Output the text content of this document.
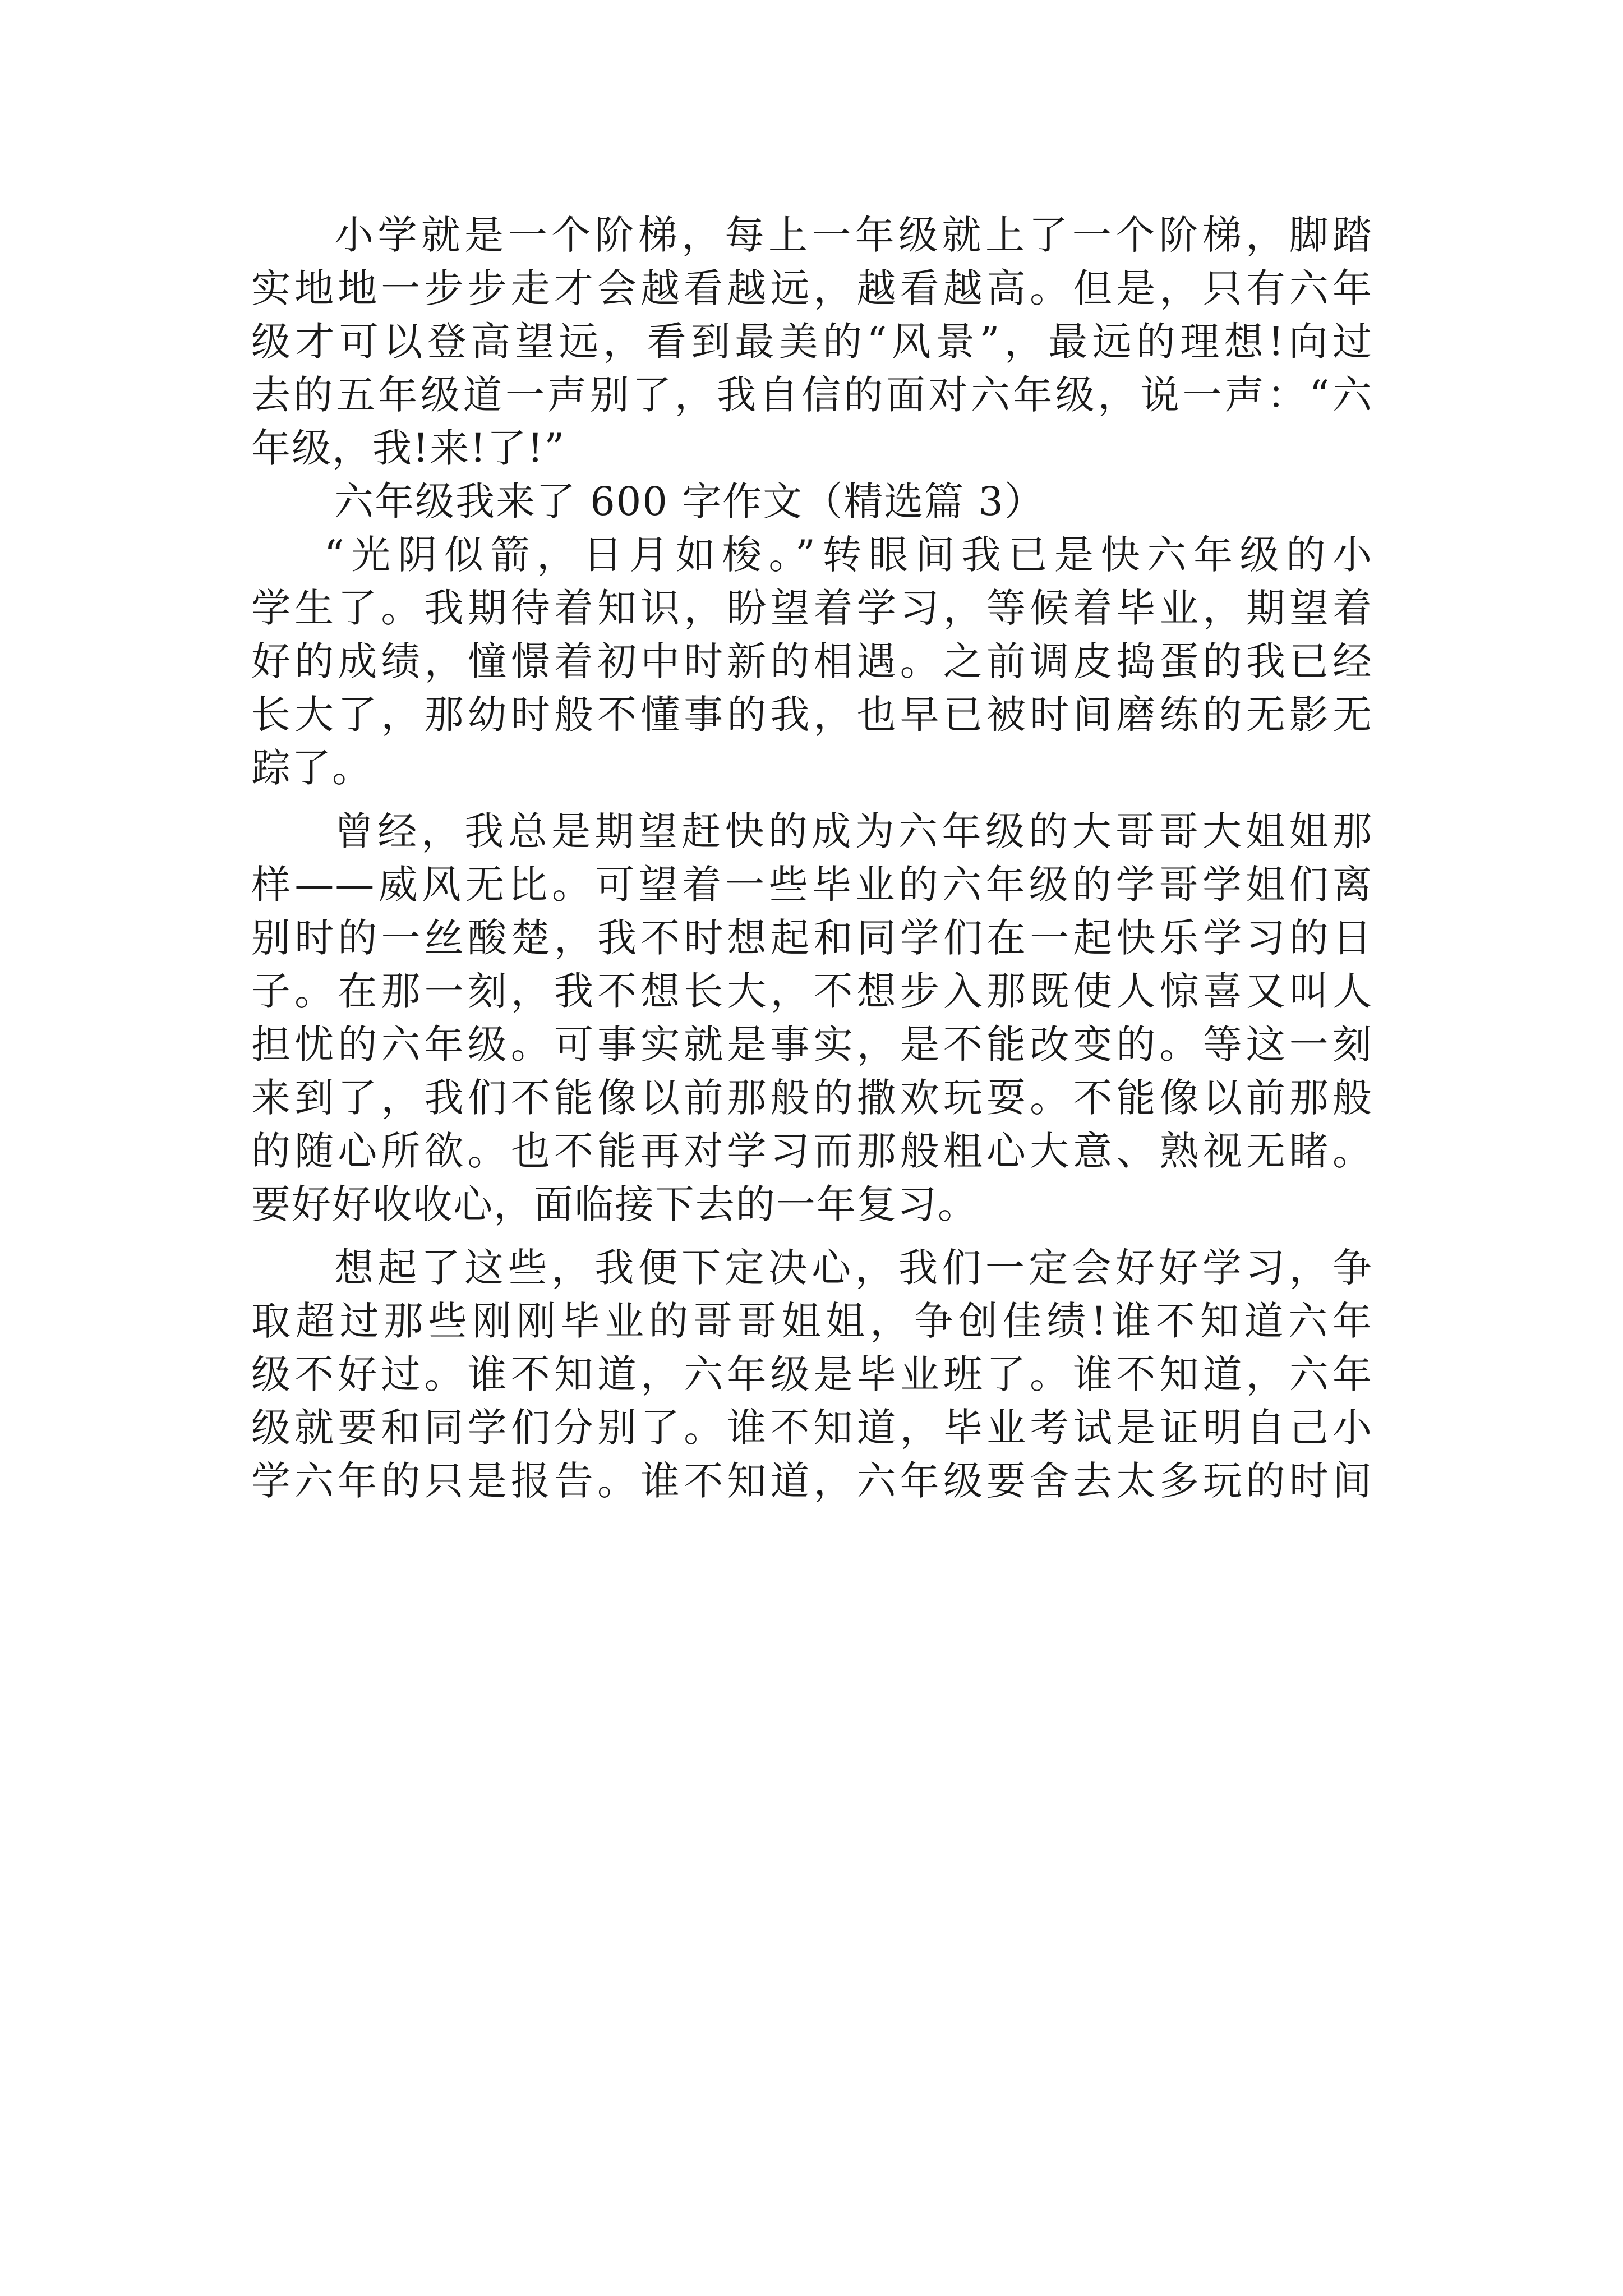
小学就是一个阶梯，每上一年级就上了一个阶梯，脚踏
实地地一步步走才会越看越远，越看越高。但是，只有六年
级才可以登高望远，看到最美的“风景”，最远的理想!向过
去的五年级道一声别了，我自信的面对六年级，说一声：“六
年级，我!来!了!”
六年级我来了 600 字作文（精选篇 3）
“光阴似箭，日月如梭。”转眼间我已是快六年级的小
学生了。我期待着知识，盼望着学习，等候着毕业，期望着
好的成绩，憧憬着初中时新的相遇。之前调皮捣蛋的我已经
长大了，那幼时般不懂事的我，也早已被时间磨练的无影无
踪了。
曾经，我总是期望赶快的成为六年级的大哥哥大姐姐那
样——威风无比。可望着一些毕业的六年级的学哥学姐们离
别时的一丝酸楚，我不时想起和同学们在一起快乐学习的日
子。在那一刻，我不想长大，不想步入那既使人惊喜又叫人
担忧的六年级。可事实就是事实，是不能改变的。等这一刻
来到了，我们不能像以前那般的撒欢玩耍。不能像以前那般
的随心所欲。也不能再对学习而那般粗心大意、熟视无睹。
要好好收收心，面临接下去的一年复习。
想起了这些，我便下定决心，我们一定会好好学习，争
取超过那些刚刚毕业的哥哥姐姐，争创佳绩!谁不知道六年
级不好过。谁不知道，六年级是毕业班了。谁不知道，六年
级就要和同学们分别了。谁不知道，毕业考试是证明自己小
学六年的只是报告。谁不知道，六年级要舍去太多玩的时间
